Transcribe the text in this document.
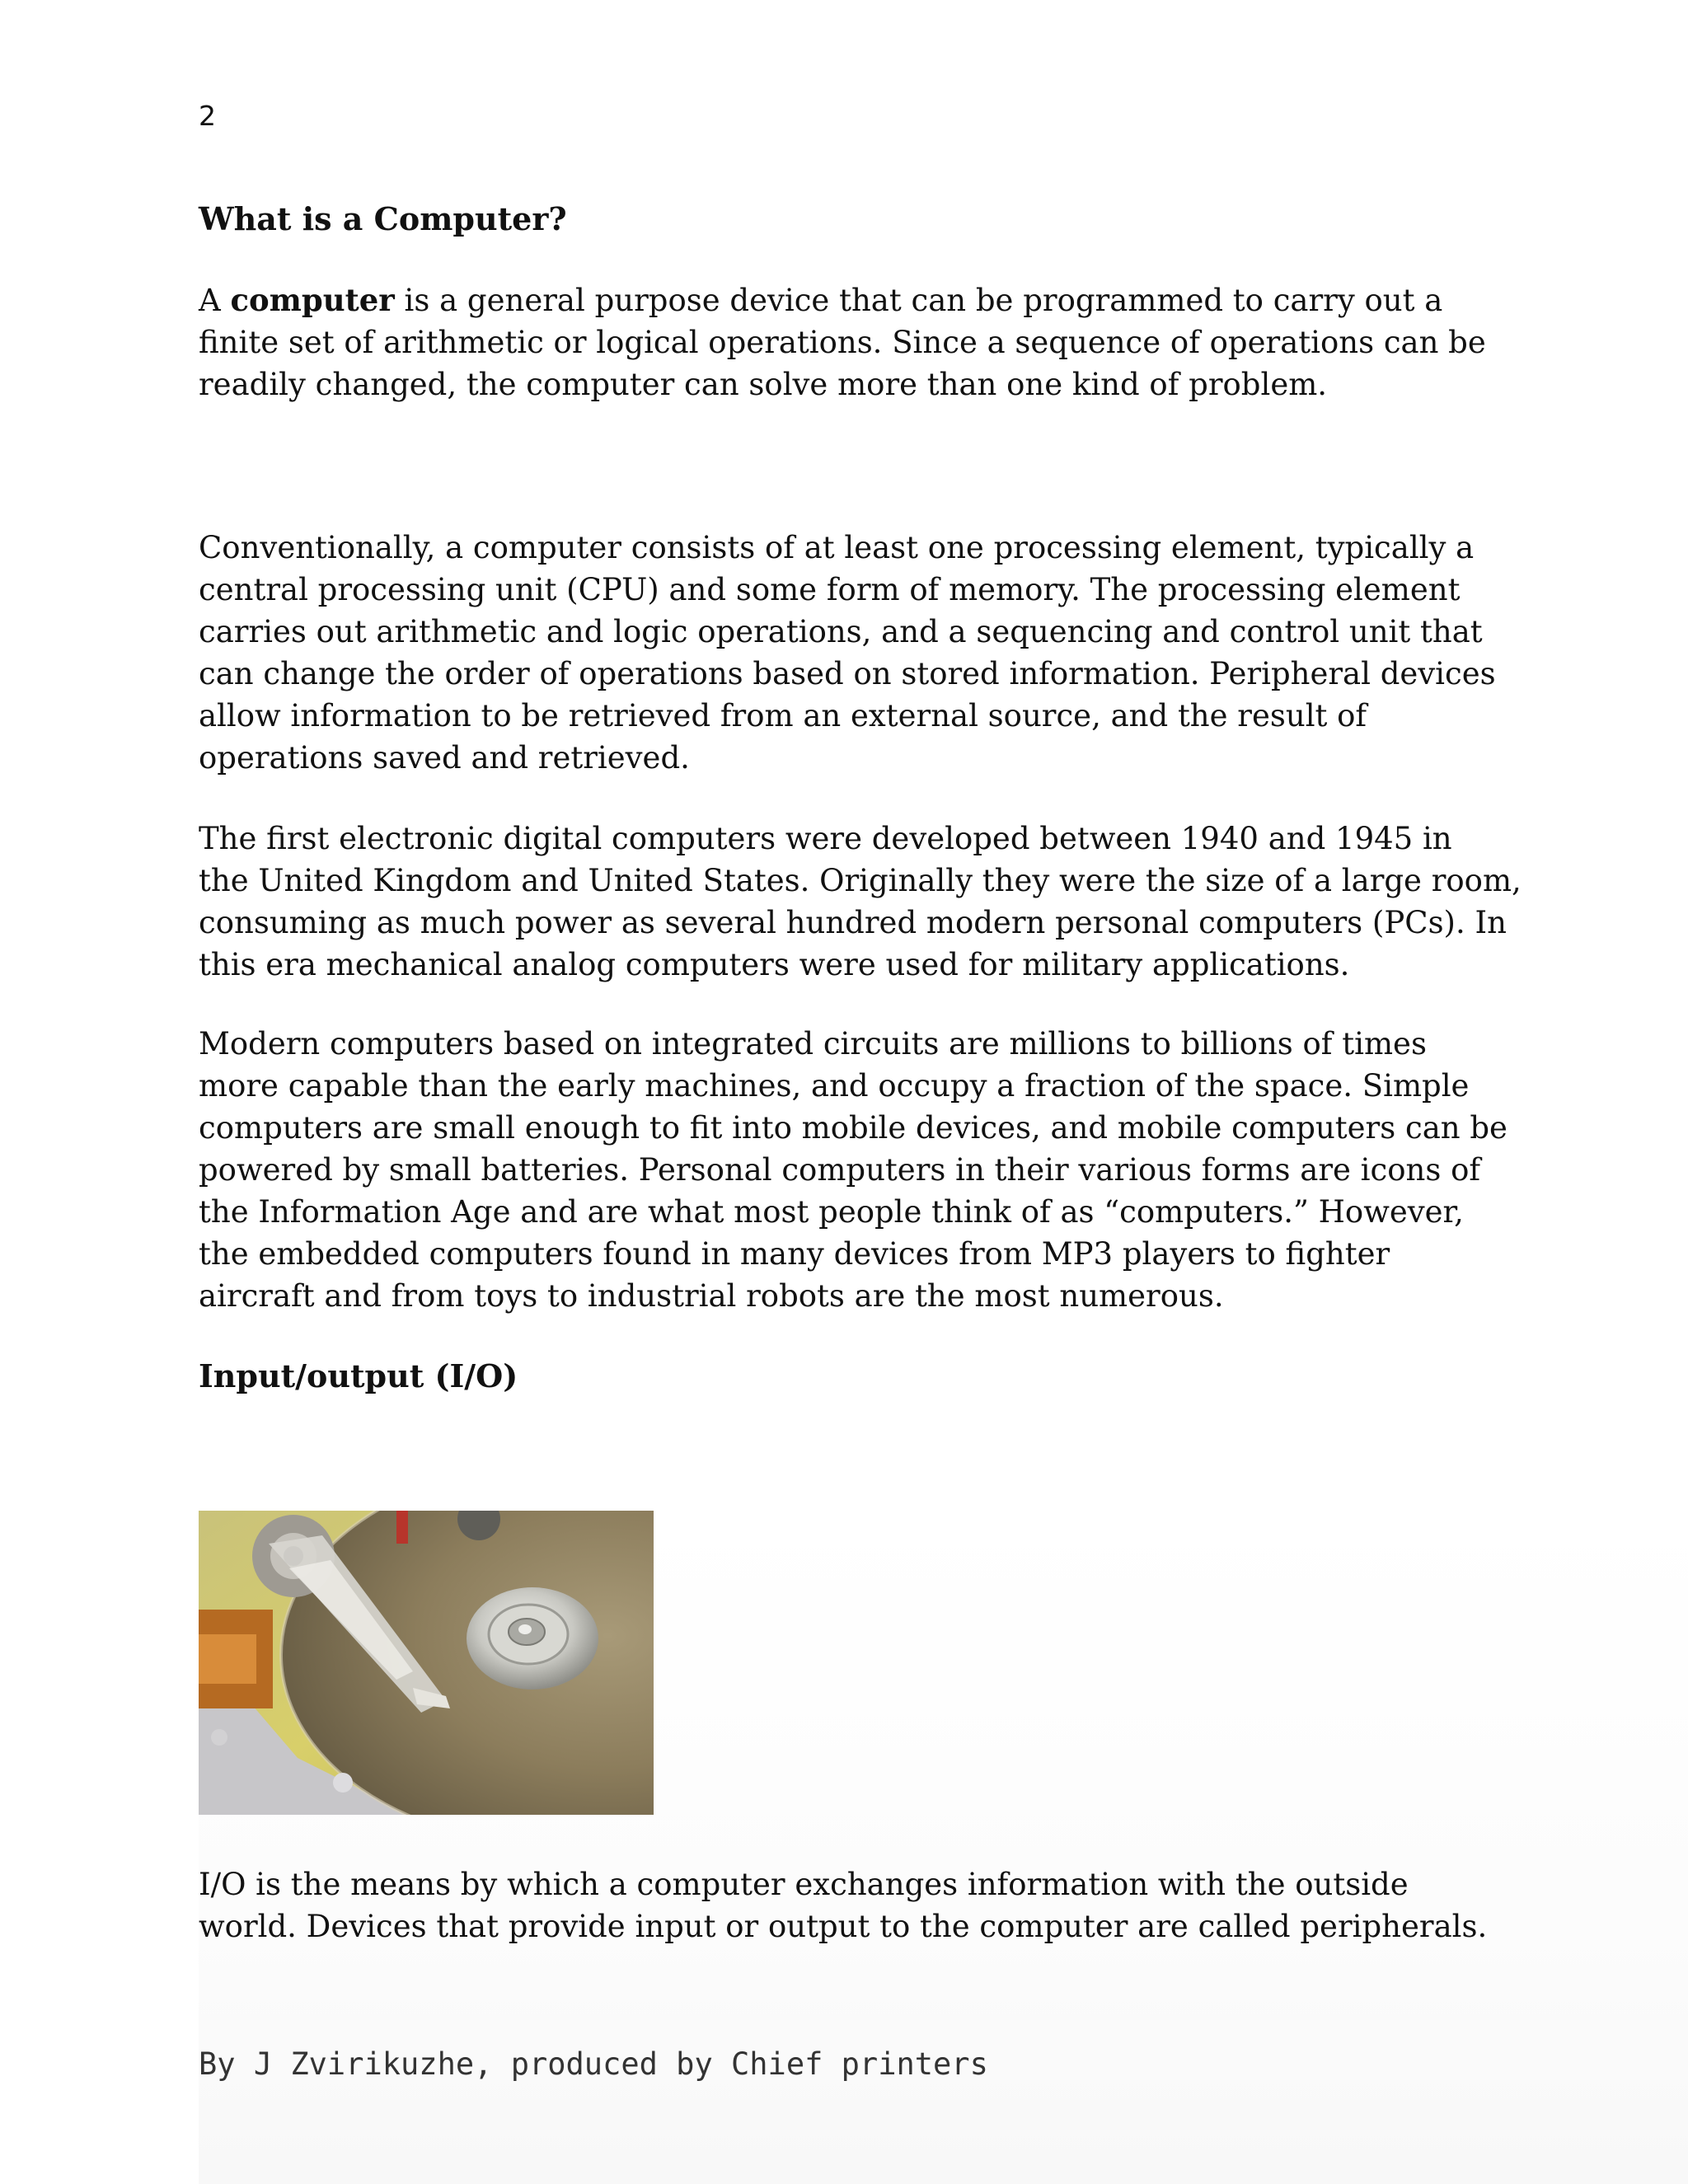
2
What is a Computer?
A computer is a general purpose device that can be programmed to carry out a
finite set of arithmetic or logical operations. Since a sequence of operations can be
readily changed, the computer can solve more than one kind of problem.
Conventionally, a computer consists of at least one processing element, typically a
central processing unit (CPU) and some form of memory. The processing element
carries out arithmetic and logic operations, and a sequencing and control unit that
can change the order of operations based on stored information. Peripheral devices
allow information to be retrieved from an external source, and the result of
operations saved and retrieved.
The first electronic digital computers were developed between 1940 and 1945 in
the United Kingdom and United States. Originally they were the size of a large room,
consuming as much power as several hundred modern personal computers (PCs). In
this era mechanical analog computers were used for military applications.
Modern computers based on integrated circuits are millions to billions of times
more capable than the early machines, and occupy a fraction of the space. Simple
computers are small enough to fit into mobile devices, and mobile computers can be
powered by small batteries. Personal computers in their various forms are icons of
the Information Age and are what most people think of as “computers.” However,
the embedded computers found in many devices from MP3 players to fighter
aircraft and from toys to industrial robots are the most numerous.
Input/output (I/O)
I/O is the means by which a computer exchanges information with the outside
world. Devices that provide input or output to the computer are called peripherals.
By J Zvirikuzhe, produced by Chief printers
